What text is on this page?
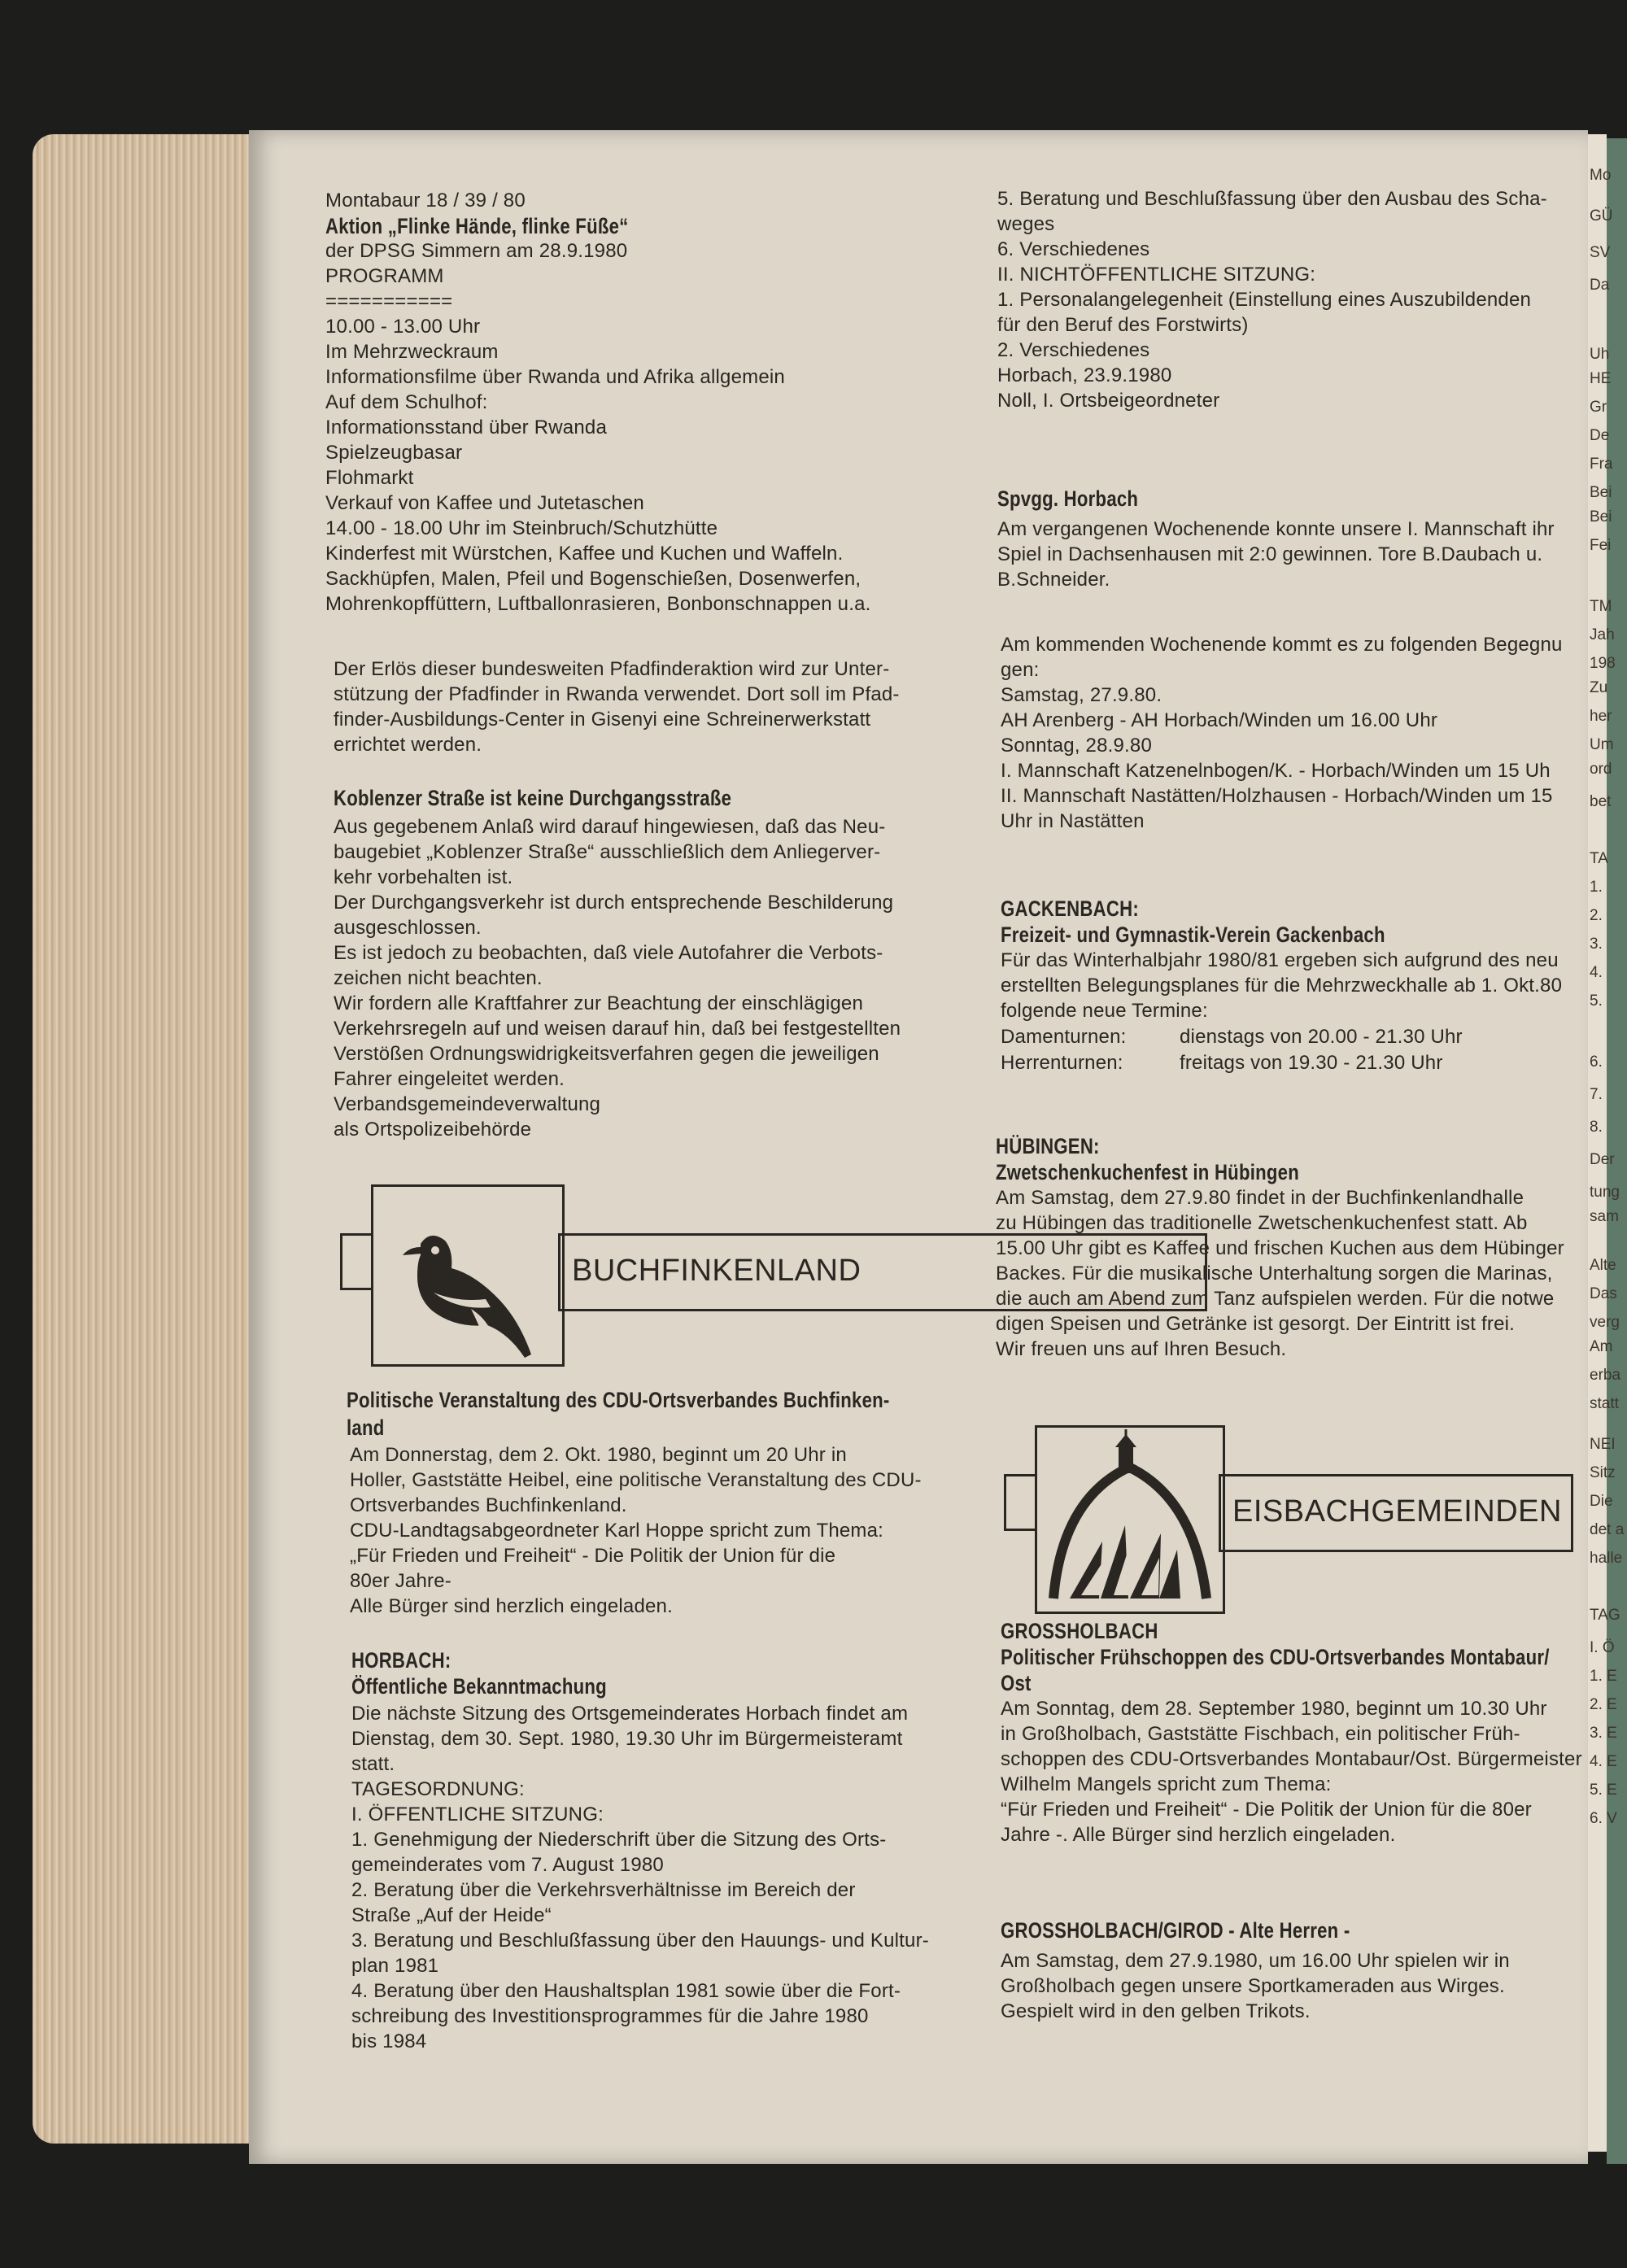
Montabaur 18 / 39 / 80
Aktion „Flinke Hände, flinke Füße“
der DPSG Simmern am 28.9.1980
PROGRAMM
===========
10.00 - 13.00 Uhr
Im Mehrzweckraum
Informationsfilme über Rwanda und Afrika allgemein
Auf dem Schulhof:
Informationsstand über Rwanda
Spielzeugbasar
Flohmarkt
Verkauf von Kaffee und Jutetaschen
14.00 - 18.00 Uhr im Steinbruch/Schutzhütte
Kinderfest mit Würstchen, Kaffee und Kuchen und Waffeln.
Sackhüpfen, Malen, Pfeil und Bogenschießen, Dosenwerfen,
Mohrenkopffüttern, Luftballonrasieren, Bonbonschnappen u.a.
Der Erlös dieser bundesweiten Pfadfinderaktion wird zur Unter-
stützung der Pfadfinder in Rwanda verwendet. Dort soll im Pfad-
finder-Ausbildungs-Center in Gisenyi eine Schreinerwerkstatt
errichtet werden.
Koblenzer Straße ist keine Durchgangsstraße
Aus gegebenem Anlaß wird darauf hingewiesen, daß das Neu-
baugebiet „Koblenzer Straße“ ausschließlich dem Anliegerver-
kehr vorbehalten ist.
Der Durchgangsverkehr ist durch entsprechende Beschilderung
ausgeschlossen.
Es ist jedoch zu beobachten, daß viele Autofahrer die Verbots-
zeichen nicht beachten.
Wir fordern alle Kraftfahrer zur Beachtung der einschlägigen
Verkehrsregeln auf und weisen darauf hin, daß bei festgestellten
Verstößen Ordnungswidrigkeitsverfahren gegen die jeweiligen
Fahrer eingeleitet werden.
Verbandsgemeindeverwaltung
als Ortspolizeibehörde
Politische Veranstaltung des CDU-Ortsverbandes Buchfinken-
land
Am Donnerstag, dem 2. Okt. 1980, beginnt um 20 Uhr in
Holler, Gaststätte Heibel, eine politische Veranstaltung des CDU-
Ortsverbandes Buchfinkenland.
CDU-Landtagsabgeordneter Karl Hoppe spricht zum Thema:
„Für Frieden und Freiheit“ - Die Politik der Union für die
80er Jahre-
Alle Bürger sind herzlich eingeladen.
HORBACH:
Öffentliche Bekanntmachung
Die nächste Sitzung des Ortsgemeinderates Horbach findet am
Dienstag, dem 30. Sept. 1980, 19.30 Uhr im Bürgermeisteramt
statt.
TAGESORDNUNG:
I. ÖFFENTLICHE SITZUNG:
1. Genehmigung der Niederschrift über die Sitzung des Orts-
gemeinderates vom 7. August 1980
2. Beratung über die Verkehrsverhältnisse im Bereich der
Straße „Auf der Heide“
3. Beratung und Beschlußfassung über den Hauungs- und Kultur-
plan 1981
4. Beratung über den Haushaltsplan 1981 sowie über die Fort-
schreibung des Investitionsprogrammes für die Jahre 1980
bis 1984
5. Beratung und Beschlußfassung über den Ausbau des Scha-
weges
6. Verschiedenes
II. NICHTÖFFENTLICHE SITZUNG:
1. Personalangelegenheit (Einstellung eines Auszubildenden
für den Beruf des Forstwirts)
2. Verschiedenes
Horbach, 23.9.1980
Noll, I. Ortsbeigeordneter
Spvgg. Horbach
Am vergangenen Wochenende konnte unsere I. Mannschaft ihr
Spiel in Dachsenhausen mit 2:0 gewinnen. Tore B.Daubach u.
B.Schneider.
Am kommenden Wochenende kommt es zu folgenden Begegnu
gen:
Samstag, 27.9.80.
AH Arenberg - AH Horbach/Winden um 16.00 Uhr
Sonntag, 28.9.80
I. Mannschaft Katzenelnbogen/K. - Horbach/Winden um 15 Uh
II. Mannschaft Nastätten/Holzhausen - Horbach/Winden um 15
Uhr in Nastätten
GACKENBACH:
Freizeit- und Gymnastik-Verein Gackenbach
Für das Winterhalbjahr 1980/81 ergeben sich aufgrund des neu
erstellten Belegungsplanes für die Mehrzweckhalle ab 1. Okt.80
folgende neue Termine:
Damenturnen:	dienstags von 20.00 - 21.30 Uhr
Herrenturnen:	freitags von 19.30 - 21.30 Uhr
HÜBINGEN:
Zwetschenkuchenfest in Hübingen
Am Samstag, dem 27.9.80 findet in der Buchfinkenlandhalle
zu Hübingen das traditionelle Zwetschenkuchenfest statt. Ab
15.00 Uhr gibt es Kaffee und frischen Kuchen aus dem Hübinger
Backes. Für die musikalische Unterhaltung sorgen die Marinas,
die auch am Abend zum Tanz aufspielen werden. Für die notwe
digen Speisen und Getränke ist gesorgt. Der Eintritt ist frei.
Wir freuen uns auf Ihren Besuch.
GROSSHOLBACH
Politischer Frühschoppen des CDU-Ortsverbandes Montabaur/
Ost
Am Sonntag, dem 28. September 1980, beginnt um 10.30 Uhr
in Großholbach, Gaststätte Fischbach, ein politischer Früh-
schoppen des CDU-Ortsverbandes Montabaur/Ost. Bürgermeister
Wilhelm Mangels spricht zum Thema:
“Für Frieden und Freiheit“ - Die Politik der Union für die 80er
Jahre -. Alle Bürger sind herzlich eingeladen.
GROSSHOLBACH/GIROD - Alte Herren -
Am Samstag, dem 27.9.1980, um 16.00 Uhr spielen wir in
Großholbach gegen unsere Sportkameraden aus Wirges.
Gespielt wird in den gelben Trikots.
BUCHFINKENLAND
EISBACHGEMEINDEN
Mo
GÜ
SV
Da
Uh
HE
Gr
De
Fra
Bei
Bei
Fei
TM
Jah
198
Zu
her
Um
ord
bet
TA
1.
2.
3.
4.
5.
6.
7.
8.
Der
tung
sam
Alte
Das
verg
Am
erba
statt
NEI
Sitz
Die
det a
halle
TAG
I. Ö
1. E
2. E
3. E
4. E
5. E
6. V
